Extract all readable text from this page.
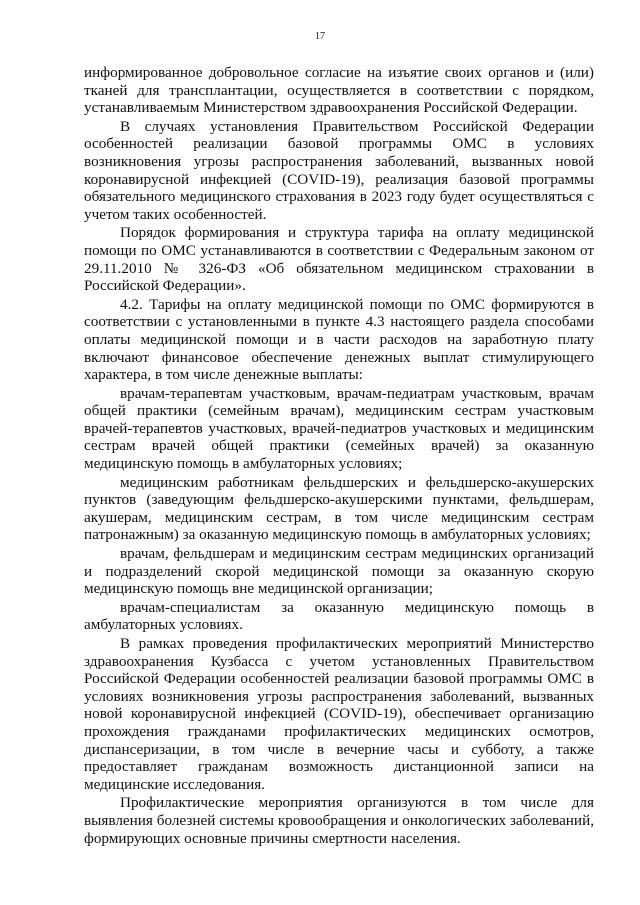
17

информированное добровольное согласие на изъятие своих органов и (или) тканей для трансплантации, осуществляется в соответствии с порядком, устанавливаемым Министерством здравоохранения Российской Федерации.

В случаях установления Правительством Российской Федерации особенностей реализации базовой программы ОМС в условиях возникновения угрозы распространения заболеваний, вызванных новой коронавирусной инфекцией (COVID-19), реализация базовой программы обязательного медицинского страхования в 2023 году будет осуществляться с учетом таких особенностей.

Порядок формирования и структура тарифа на оплату медицинской помощи по ОМС устанавливаются в соответствии с Федеральным законом от 29.11.2010 № 326-ФЗ «Об обязательном медицинском страховании в Российской Федерации».

4.2. Тарифы на оплату медицинской помощи по ОМС формируются в соответствии с установленными в пункте 4.3 настоящего раздела способами оплаты медицинской помощи и в части расходов на заработную плату включают финансовое обеспечение денежных выплат стимулирующего характера, в том числе денежные выплаты:

врачам-терапевтам участковым, врачам-педиатрам участковым, врачам общей практики (семейным врачам), медицинским сестрам участковым врачей-терапевтов участковых, врачей-педиатров участковых и медицинским сестрам врачей общей практики (семейных врачей) за оказанную медицинскую помощь в амбулаторных условиях;

медицинским работникам фельдшерских и фельдшерско-акушерских пунктов (заведующим фельдшерско-акушерскими пунктами, фельдшерам, акушерам, медицинским сестрам, в том числе медицинским сестрам патронажным) за оказанную медицинскую помощь в амбулаторных условиях;

врачам, фельдшерам и медицинским сестрам медицинских организаций и подразделений скорой медицинской помощи за оказанную скорую медицинскую помощь вне медицинской организации;

врачам-специалистам за оказанную медицинскую помощь в амбулаторных условиях.

В рамках проведения профилактических мероприятий Министерство здравоохранения Кузбасса с учетом установленных Правительством Российской Федерации особенностей реализации базовой программы ОМС в условиях возникновения угрозы распространения заболеваний, вызванных новой коронавирусной инфекцией (COVID-19), обеспечивает организацию прохождения гражданами профилактических медицинских осмотров, диспансеризации, в том числе в вечерние часы и субботу, а также предоставляет гражданам возможность дистанционной записи на медицинские исследования.

Профилактические мероприятия организуются в том числе для выявления болезней системы кровообращения и онкологических заболеваний, формирующих основные причины смертности населения.
